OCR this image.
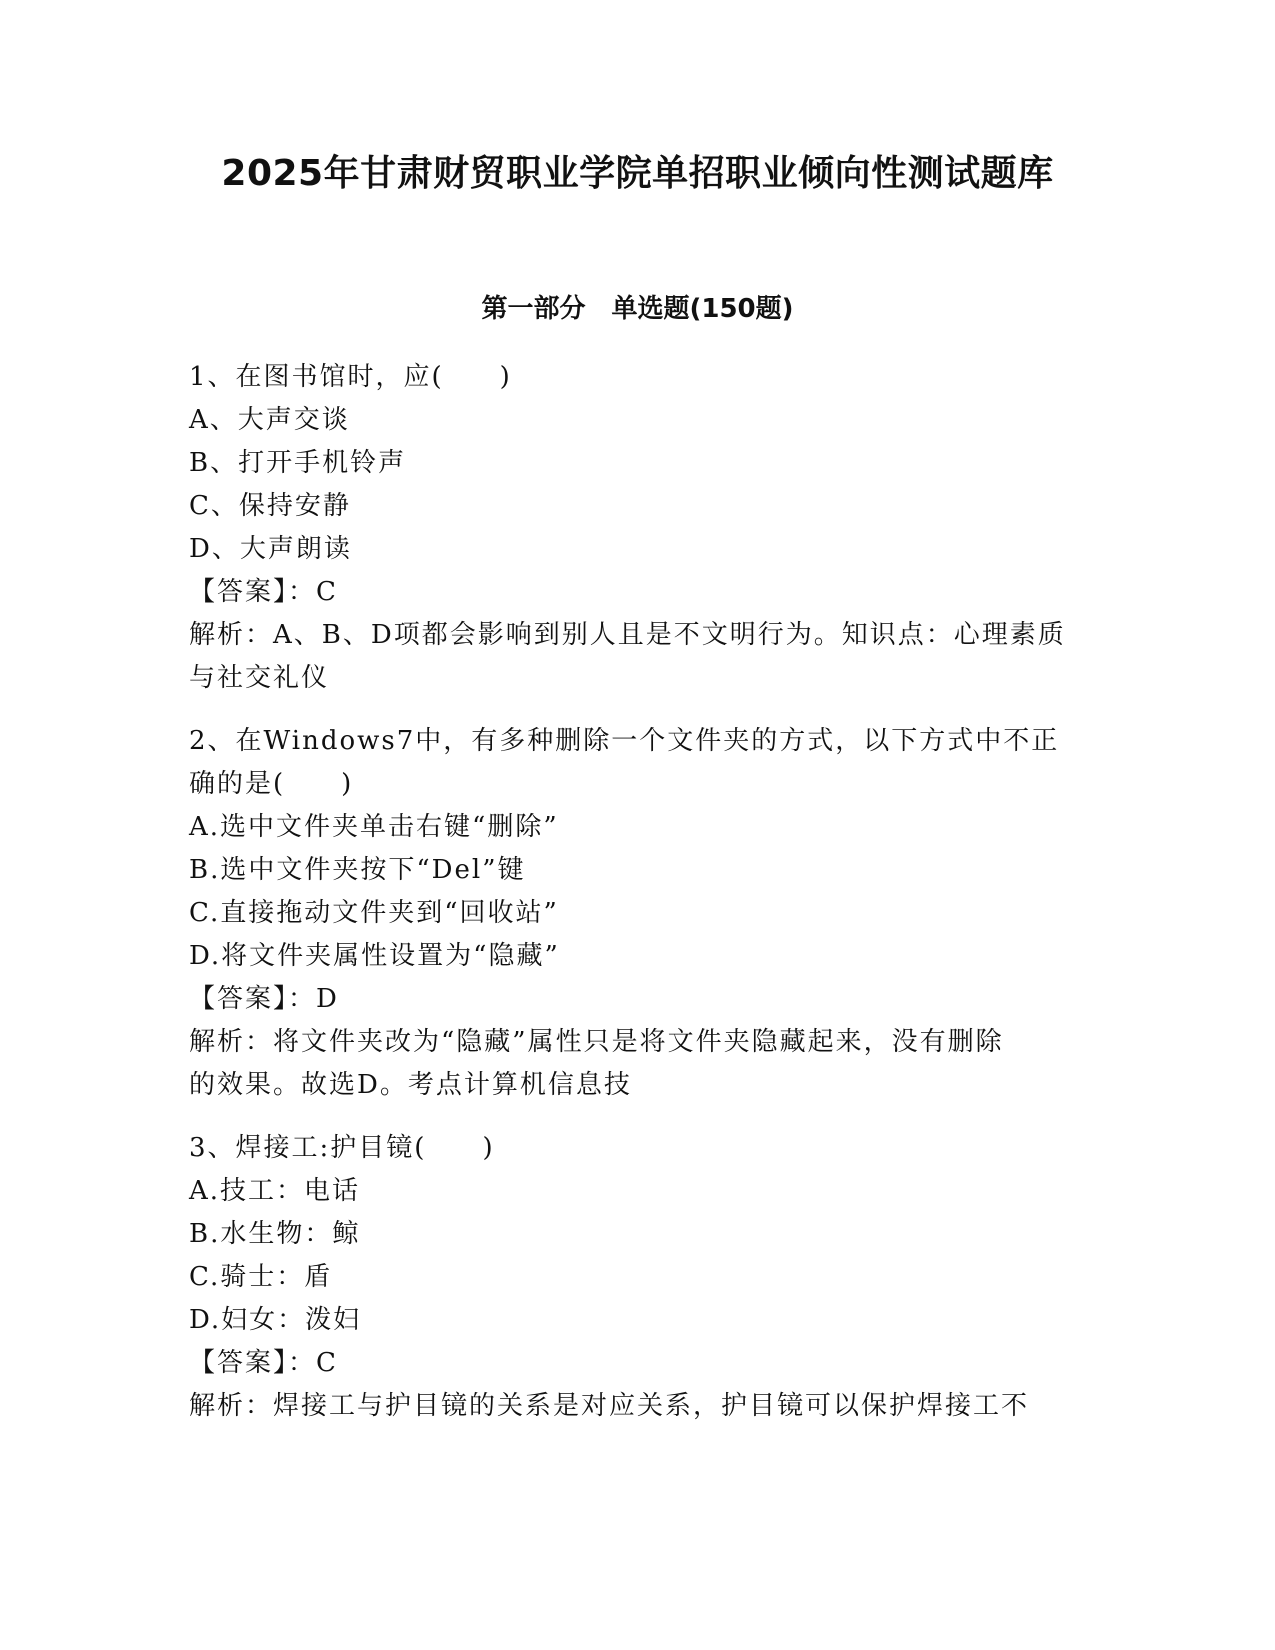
2025年甘肃财贸职业学院单招职业倾向性测试题库
第一部分　单选题(150题)
1、在图书馆时，应(　　)
A、大声交谈
B、打开手机铃声
C、保持安静
D、大声朗读
【答案】：C
解析：A、B、D项都会影响到别人且是不文明行为。知识点：心理素质
与社交礼仪
2、在Windows7中，有多种删除一个文件夹的方式，以下方式中不正
确的是(　　)
A.选中文件夹单击右键“删除”
B.选中文件夹按下“Del”键
C.直接拖动文件夹到“回收站”
D.将文件夹属性设置为“隐藏”
【答案】：D
解析：将文件夹改为“隐藏”属性只是将文件夹隐藏起来，没有删除
的效果。故选D。考点计算机信息技
3、焊接工:护目镜(　　)
A.技工：电话
B.水生物：鲸
C.骑士：盾
D.妇女：泼妇
【答案】：C
解析：焊接工与护目镜的关系是对应关系，护目镜可以保护焊接工不
